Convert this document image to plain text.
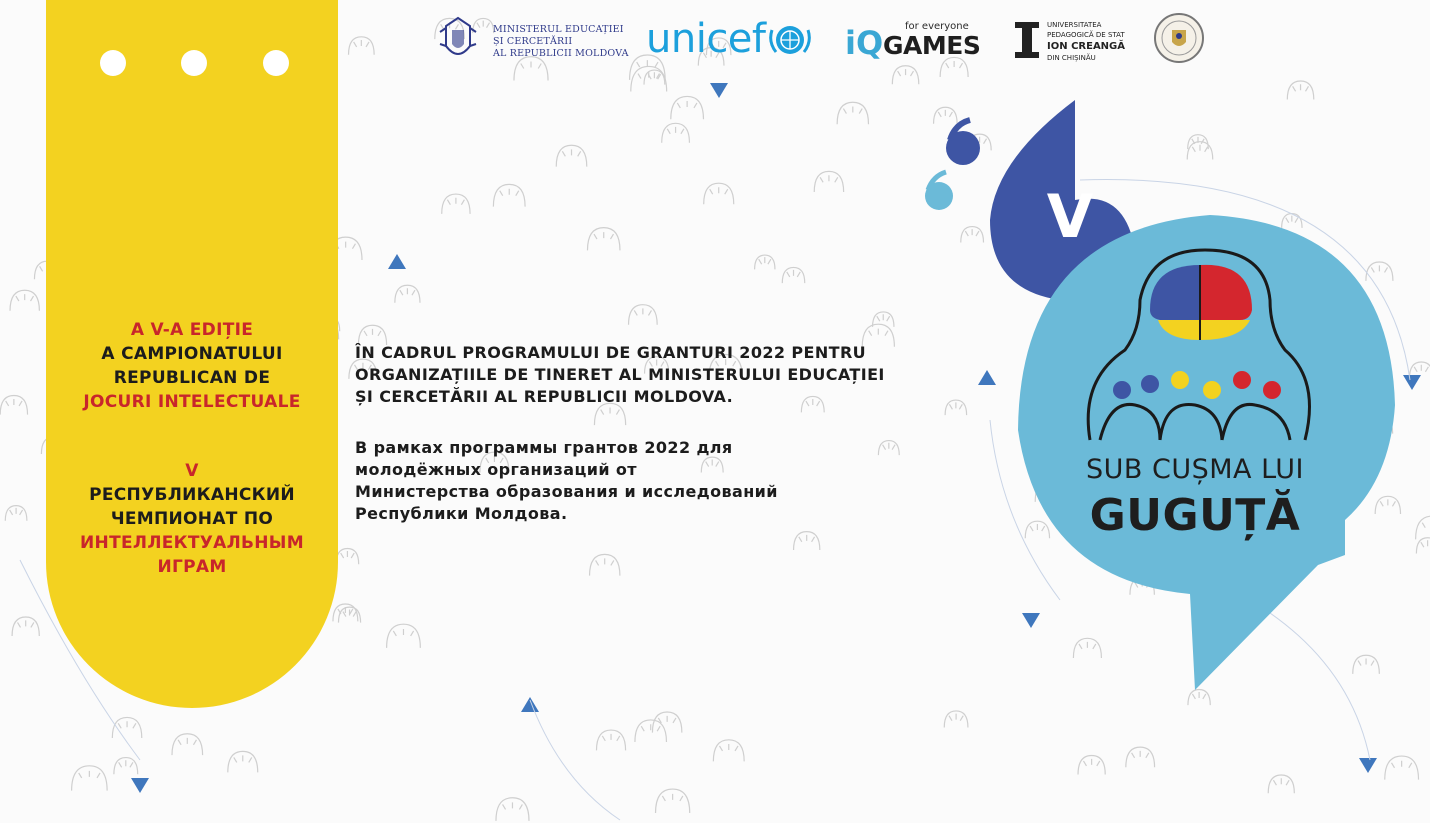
A V-A EDIȚIE
A CAMPIONATULUI
REPUBLICAN DE
JOCURI INTELECTUALE
V
РЕСПУБЛИКАНСКИЙ
ЧЕМПИОНАТ ПО
ИНТЕЛЛЕКТУАЛЬНЫМ
ИГРАМ
ÎN CADRUL PROGRAMULUI DE GRANTURI 2022 PENTRU
ORGANIZAȚIILE DE TINERET AL MINISTERULUI EDUCAȚIEI
ȘI CERCETĂRII AL REPUBLICII MOLDOVA.
В рамках программы грантов 2022 для
молодёжных организаций от
Министерства образования и исследований
Республики Молдова.
MINISTERUL EDUCAȚIEI
ȘI CERCETĂRII
AL REPUBLICII MOLDOVA unicef iQ for everyone
GAMES
UNIVERSITATEA
PEDAGOGICĂ DE STAT
ION CREANGĂ
DIN CHIȘINĂU
V
SUB CUȘMA LUI
GUGUȚĂ
